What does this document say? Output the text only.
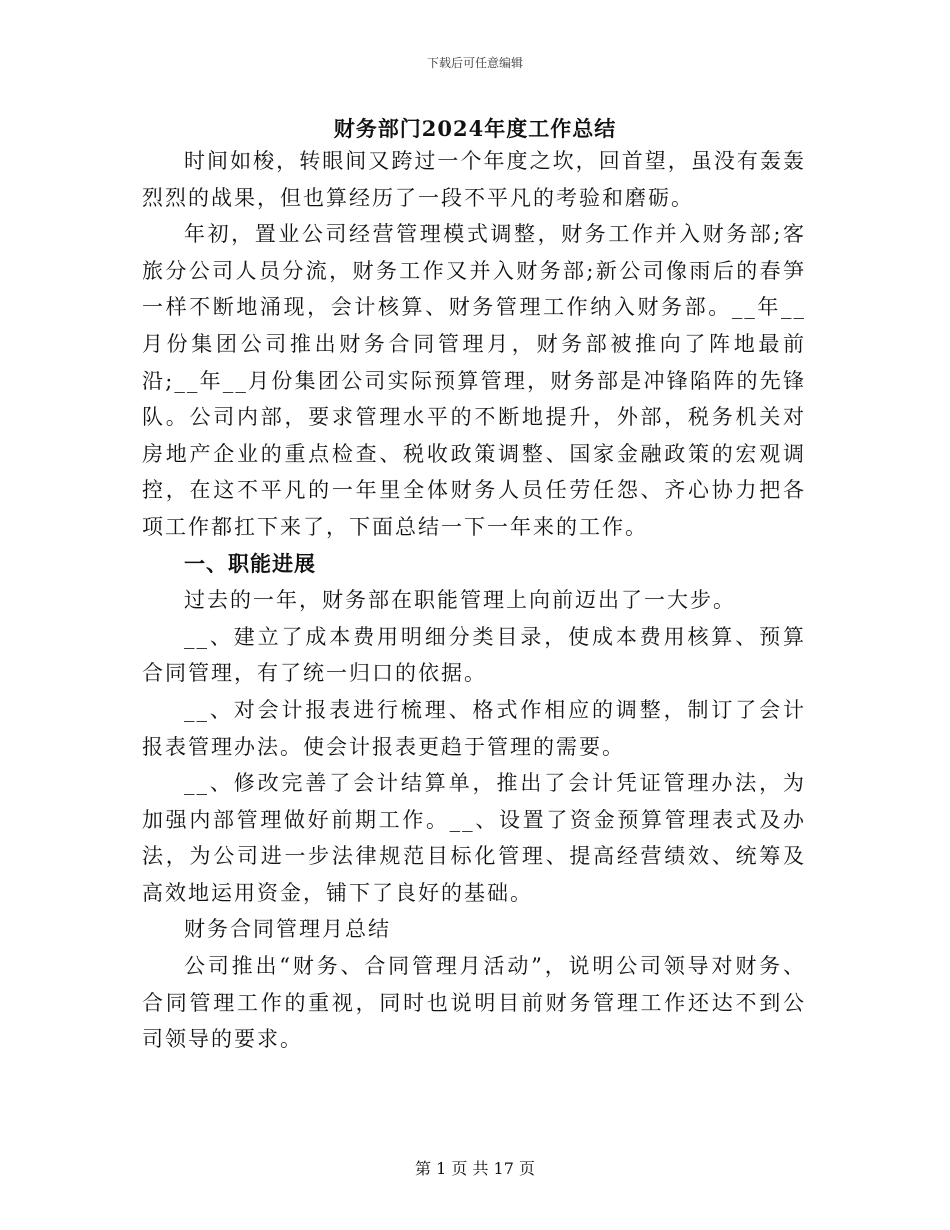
下载后可任意编辑
财务部门2024年度工作总结

时间如梭，转眼间又跨过一个年度之坎，回首望，虽没有轰轰烈烈的战果，但也算经历了一段不平凡的考验和磨砺。

年初，置业公司经营管理模式调整，财务工作并入财务部;客旅分公司人员分流，财务工作又并入财务部;新公司像雨后的春笋一样不断地涌现，会计核算、财务管理工作纳入财务部。__年__月份集团公司推出财务合同管理月，财务部被推向了阵地最前沿;__年__月份集团公司实际预算管理，财务部是冲锋陷阵的先锋队。公司内部，要求管理水平的不断地提升，外部，税务机关对房地产企业的重点检查、税收政策调整、国家金融政策的宏观调控，在这不平凡的一年里全体财务人员任劳任怨、齐心协力把各项工作都扛下来了，下面总结一下一年来的工作。

一、职能进展

过去的一年，财务部在职能管理上向前迈出了一大步。

__、建立了成本费用明细分类目录，使成本费用核算、预算合同管理，有了统一归口的依据。

__、对会计报表进行梳理、格式作相应的调整，制订了会计报表管理办法。使会计报表更趋于管理的需要。

__、修改完善了会计结算单，推出了会计凭证管理办法，为加强内部管理做好前期工作。__、设置了资金预算管理表式及办法，为公司进一步法律规范目标化管理、提高经营绩效、统筹及高效地运用资金，铺下了良好的基础。

财务合同管理月总结

公司推出“财务、合同管理月活动”，说明公司领导对财务、合同管理工作的重视，同时也说明目前财务管理工作还达不到公司领导的要求。

第 1 页 共 17 页
